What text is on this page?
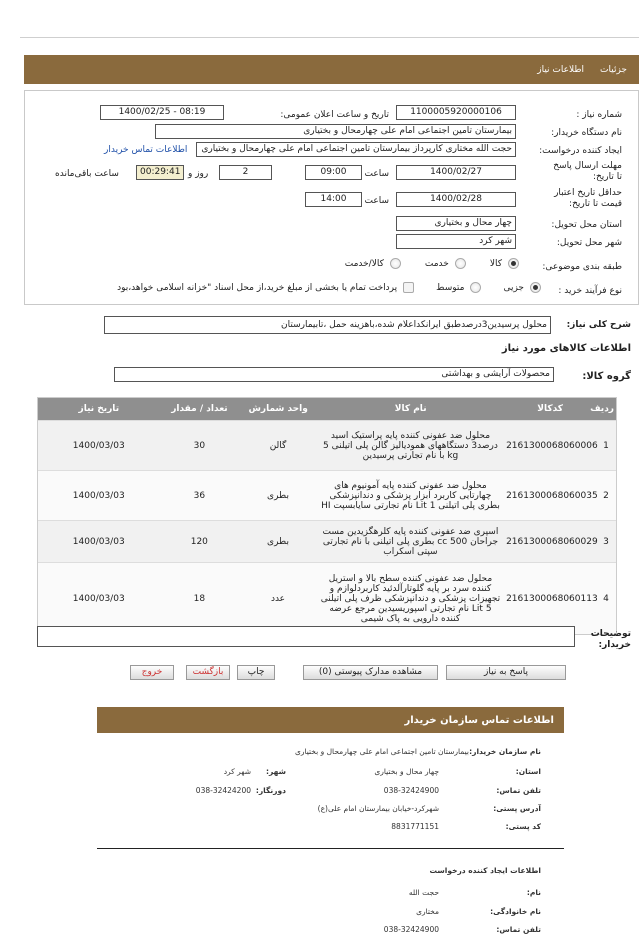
جزئیات
اطلاعات نیاز
شماره نیاز :
1100005920000106
تاریخ و ساعت اعلان عمومی:
1400/02/25 - 08:19
نام دستگاه خریدار:
بیمارستان تامین اجتماعی امام علی چهارمحال و بختیاری
ایجاد کننده درخواست:
حجت الله مختاری کارپرداز بیمارستان تامین اجتماعی امام علی چهارمحال و بختیاری
اطلاعات تماس خریدار
مهلت ارسال پاسخ تا تاریخ:
1400/02/27
ساعت
09:00
2
روز و
00:29:41
ساعت باقی‌مانده
حداقل تاریخ اعتبار قیمت تا تاریخ:
1400/02/28
ساعت
14:00
استان محل تحویل:
چهار محال و بختیاری
شهر محل تحویل:
شهر کرد
طبقه بندی موضوعی:
کالا
خدمت
کالا/خدمت
نوع فرآیند خرید :
جزیی
متوسط
پرداخت تمام یا بخشی از مبلغ خرید،از محل اسناد "خزانه اسلامی خواهد،بود
شرح کلی نیاز:
محلول پرسیدین3درصدطبق ایرانکداعلام شده،باهزینه حمل ،تابیمارستان
اطلاعات کالاهای مورد نیاز
گروه کالا:
محصولات آرایشی و بهداشتی
ردیف
کدکالا
نام کالا
واحد شمارش
تعداد / مقدار
تاریخ نیاز
1
2161300068060006
محلول ضد عفونی کننده پایه پراستیک اسید درصد3 دستگاههای همودیالیز گالن پلی اتیلنی 5 kg با نام تجارتی پرسیدین
گالن
30
1400/03/03
2
2161300068060035
محلول ضد عفونی کننده پایه آمونیوم های چهارتایی کاربرد ابزار پزشکی و دندانپزشکی بطری پلی اتیلنی 1 Lit نام تجارتی سایابسپت HI
بطری
36
1400/03/03
3
2161300068060029
اسپری ضد عفونی کننده پایه کلرهگزیدین مست جراحان cc 500 بطری پلی اتیلنی با نام تجارتی سپتی اسکراب
بطری
120
1400/03/03
4
2161300068060113
محلول ضد عفونی کننده سطح بالا و استریل کننده سرد بر پایه گلوتارآلدئید کاربردلوازم و تجهیزات پزشکی و دندانپزشکی ظرف پلی اتیلنی 5 Lit نام تجارتی اسپوریسیدین مرجع عرضه کننده دارویی به پاک شیمی
عدد
18
1400/03/03
توضیحات خریدار:
پاسخ به نیاز
مشاهده مدارک پیوستی (0)
چاپ
بازگشت
خروج
اطلاعات تماس سازمان خریدار
نام سازمان خریدار:
بیمارستان تامین اجتماعی امام علی چهارمحال و بختیاری
استان:
چهار محال و بختیاری
شهر:
شهر کرد
تلفن تماس:
038-32424900
دورنگار:
038-32424200
آدرس پستی:
شهرکرد-خیابان بیمارستان امام علی(ع)
کد پستی:
8831771151
اطلاعات ایجاد کننده درخواست
نام:
حجت الله
نام خانوادگی:
مختاری
تلفن تماس:
038-32424900
